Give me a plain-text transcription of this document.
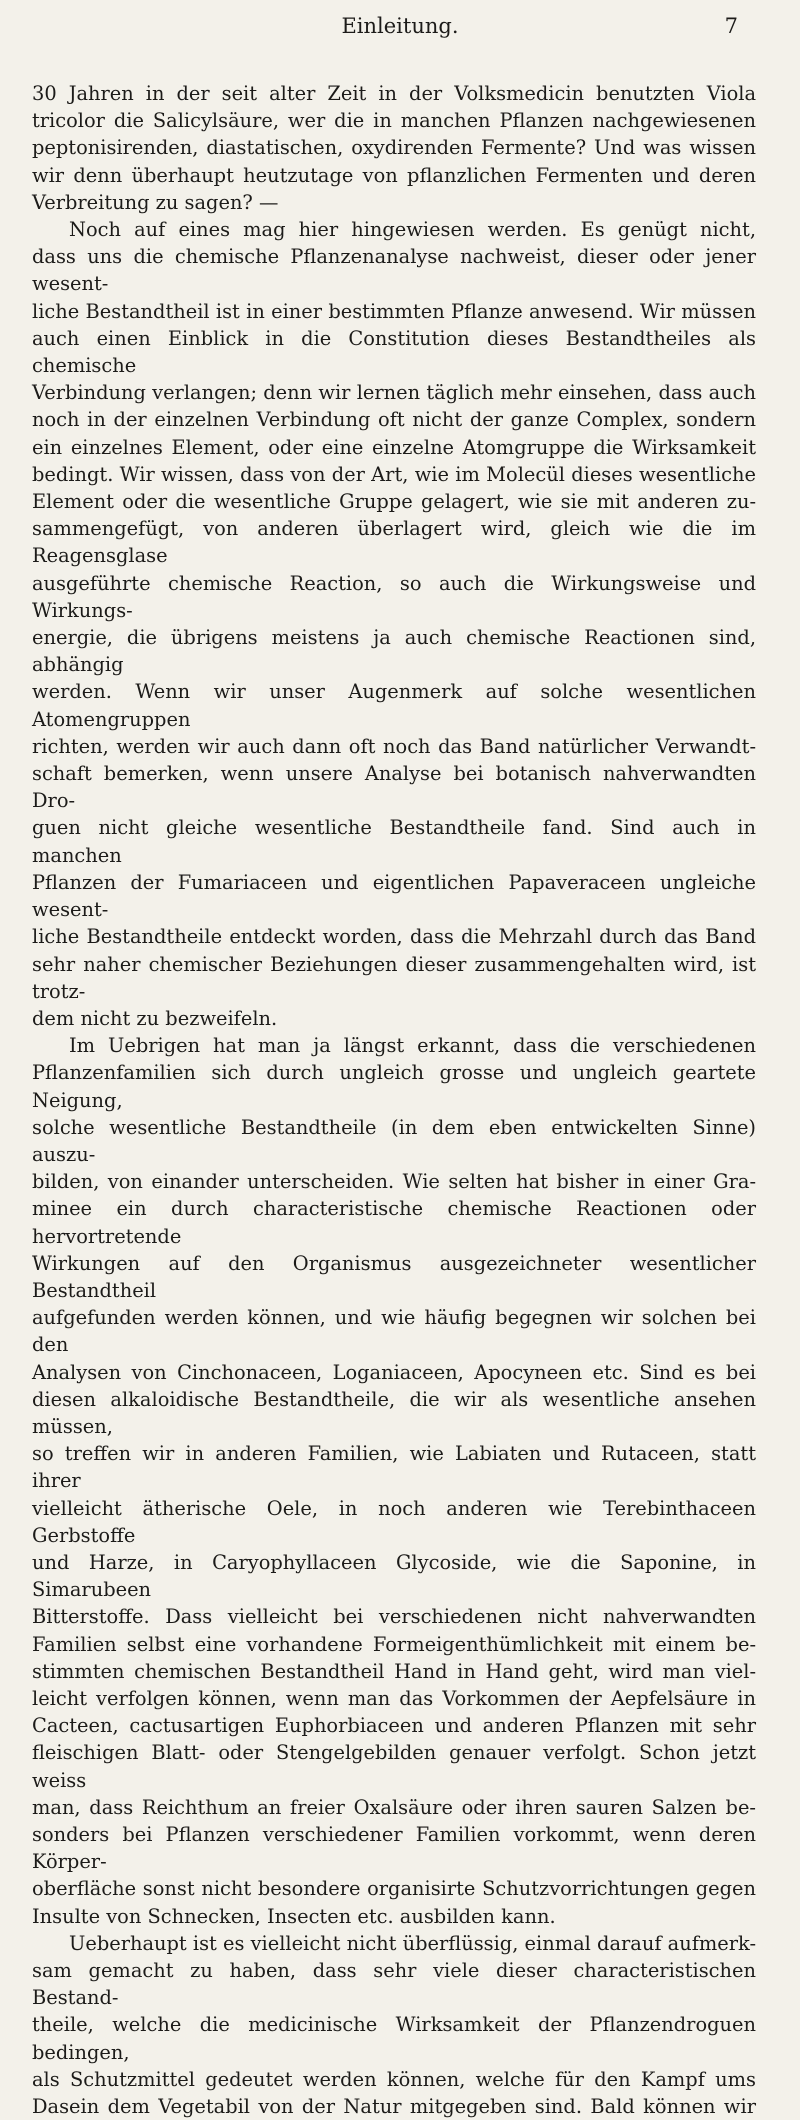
Einleitung.	7

30 Jahren in der seit alter Zeit in der Volksmedicin benutzten Viola

tricolor die Salicylsäure, wer die in manchen Pflanzen nachgewiesenen

peptonisirenden, diastatischen, oxydirenden Fermente? Und was wissen

wir denn überhaupt heutzutage von pflanzlichen Fermenten und deren

Verbreitung zu sagen? —

Noch auf eines mag hier hingewiesen werden. Es genügt nicht,

dass uns die chemische Pflanzenanalyse nachweist, dieser oder jener wesent-

liche Bestandtheil ist in einer bestimmten Pflanze anwesend. Wir müssen

auch einen Einblick in die Constitution dieses Bestandtheiles als chemische

Verbindung verlangen; denn wir lernen täglich mehr einsehen, dass auch

noch in der einzelnen Verbindung oft nicht der ganze Complex, sondern

ein einzelnes Element, oder eine einzelne Atomgruppe die Wirksamkeit

bedingt. Wir wissen, dass von der Art, wie im Molecül dieses wesentliche

Element oder die wesentliche Gruppe gelagert, wie sie mit anderen zu-

sammengefügt, von anderen überlagert wird, gleich wie die im Reagensglase

ausgeführte chemische Reaction, so auch die Wirkungsweise und Wirkungs-

energie, die übrigens meistens ja auch chemische Reactionen sind, abhängig

werden. Wenn wir unser Augenmerk auf solche wesentlichen Atomengruppen

richten, werden wir auch dann oft noch das Band natürlicher Verwandt-

schaft bemerken, wenn unsere Analyse bei botanisch nahverwandten Dro-

guen nicht gleiche wesentliche Bestandtheile fand. Sind auch in manchen

Pflanzen der Fumariaceen und eigentlichen Papaveraceen ungleiche wesent-

liche Bestandtheile entdeckt worden, dass die Mehrzahl durch das Band

sehr naher chemischer Beziehungen dieser zusammengehalten wird, ist trotz-

dem nicht zu bezweifeln.

Im Uebrigen hat man ja längst erkannt, dass die verschiedenen

Pflanzenfamilien sich durch ungleich grosse und ungleich geartete Neigung,

solche wesentliche Bestandtheile (in dem eben entwickelten Sinne) auszu-

bilden, von einander unterscheiden. Wie selten hat bisher in einer Gra-

minee ein durch characteristische chemische Reactionen oder hervortretende

Wirkungen auf den Organismus ausgezeichneter wesentlicher Bestandtheil

aufgefunden werden können, und wie häufig begegnen wir solchen bei den

Analysen von Cinchonaceen, Loganiaceen, Apocyneen etc. Sind es bei

diesen alkaloidische Bestandtheile, die wir als wesentliche ansehen müssen,

so treffen wir in anderen Familien, wie Labiaten und Rutaceen, statt ihrer

vielleicht ätherische Oele, in noch anderen wie Terebinthaceen Gerbstoffe

und Harze, in Caryophyllaceen Glycoside, wie die Saponine, in Simarubeen

Bitterstoffe. Dass vielleicht bei verschiedenen nicht nahverwandten

Familien selbst eine vorhandene Formeigenthümlichkeit mit einem be-

stimmten chemischen Bestandtheil Hand in Hand geht, wird man viel-

leicht verfolgen können, wenn man das Vorkommen der Aepfelsäure in

Cacteen, cactusartigen Euphorbiaceen und anderen Pflanzen mit sehr

fleischigen Blatt- oder Stengelgebilden genauer verfolgt. Schon jetzt weiss

man, dass Reichthum an freier Oxalsäure oder ihren sauren Salzen be-

sonders bei Pflanzen verschiedener Familien vorkommt, wenn deren Körper-

oberfläche sonst nicht besondere organisirte Schutzvorrichtungen gegen

Insulte von Schnecken, Insecten etc. ausbilden kann.

Ueberhaupt ist es vielleicht nicht überflüssig, einmal darauf aufmerk-

sam gemacht zu haben, dass sehr viele dieser characteristischen Bestand-

theile, welche die medicinische Wirksamkeit der Pflanzendroguen bedingen,

als Schutzmittel gedeutet werden können, welche für den Kampf ums

Dasein dem Vegetabil von der Natur mitgegeben sind. Bald können wir
